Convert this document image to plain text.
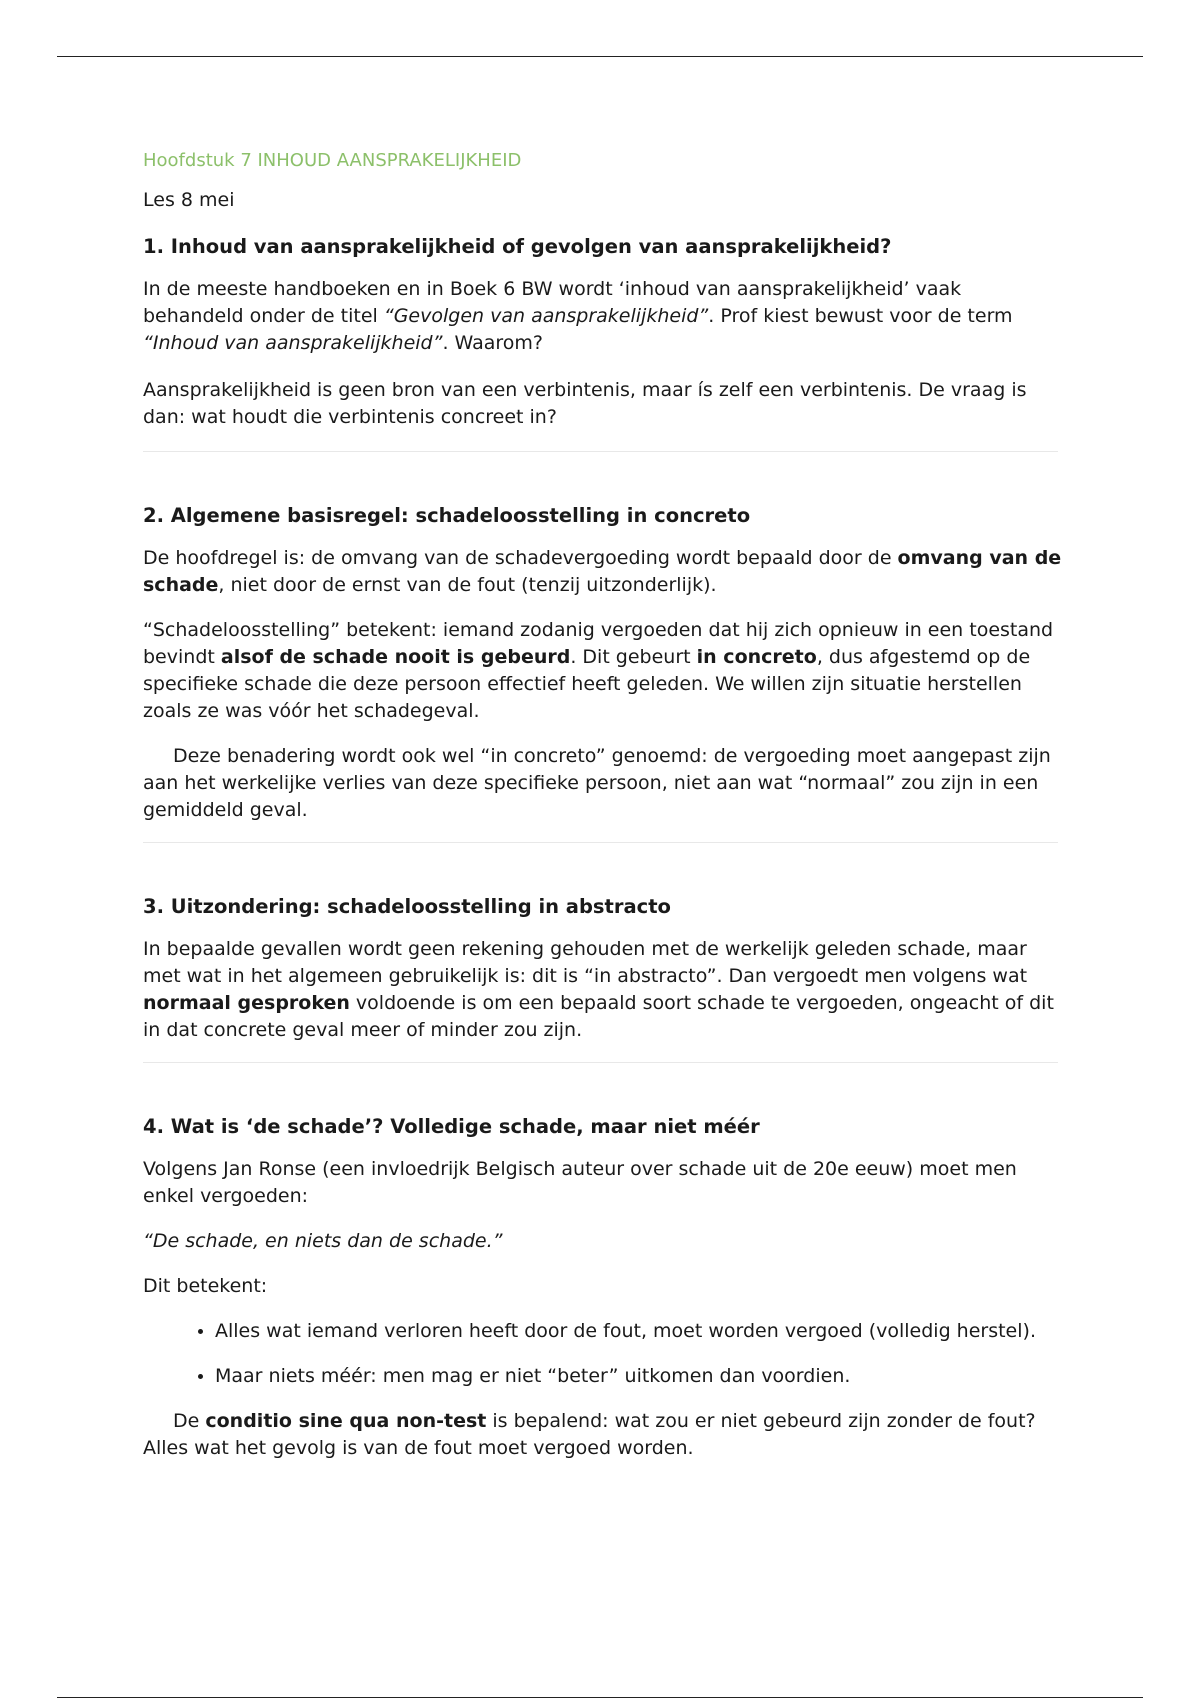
Hoofdstuk 7 INHOUD AANSPRAKELIJKHEID
Les 8 mei
1. Inhoud van aansprakelijkheid of gevolgen van aansprakelijkheid?

In de meeste handboeken en in Boek 6 BW wordt ‘inhoud van aansprakelijkheid’ vaak behandeld onder de titel “Gevolgen van aansprakelijkheid”. Prof kiest bewust voor de term “Inhoud van aansprakelijkheid”. Waarom?

Aansprakelijkheid is geen bron van een verbintenis, maar ís zelf een verbintenis. De vraag is dan: wat houdt die verbintenis concreet in?

2. Algemene basisregel: schadeloosstelling in concreto

De hoofdregel is: de omvang van de schadevergoeding wordt bepaald door de omvang van de schade, niet door de ernst van de fout (tenzij uitzonderlijk).

“Schadeloosstelling” betekent: iemand zodanig vergoeden dat hij zich opnieuw in een toestand bevindt alsof de schade nooit is gebeurd. Dit gebeurt in concreto, dus afgestemd op de specifieke schade die deze persoon effectief heeft geleden. We willen zijn situatie herstellen zoals ze was vóór het schadegeval.

Deze benadering wordt ook wel “in concreto” genoemd: de vergoeding moet aangepast zijn aan het werkelijke verlies van deze specifieke persoon, niet aan wat “normaal” zou zijn in een gemiddeld geval.

3. Uitzondering: schadeloosstelling in abstracto

In bepaalde gevallen wordt geen rekening gehouden met de werkelijk geleden schade, maar met wat in het algemeen gebruikelijk is: dit is “in abstracto”. Dan vergoedt men volgens wat normaal gesproken voldoende is om een bepaald soort schade te vergoeden, ongeacht of dit in dat concrete geval meer of minder zou zijn.

4. Wat is ‘de schade’? Volledige schade, maar niet méér

Volgens Jan Ronse (een invloedrijk Belgisch auteur over schade uit de 20e eeuw) moet men enkel vergoeden:

“De schade, en niets dan de schade.”

Dit betekent:

• Alles wat iemand verloren heeft door de fout, moet worden vergoed (volledig herstel).
• Maar niets méér: men mag er niet “beter” uitkomen dan voordien.

De conditio sine qua non-test is bepalend: wat zou er niet gebeurd zijn zonder de fout? Alles wat het gevolg is van de fout moet vergoed worden.
